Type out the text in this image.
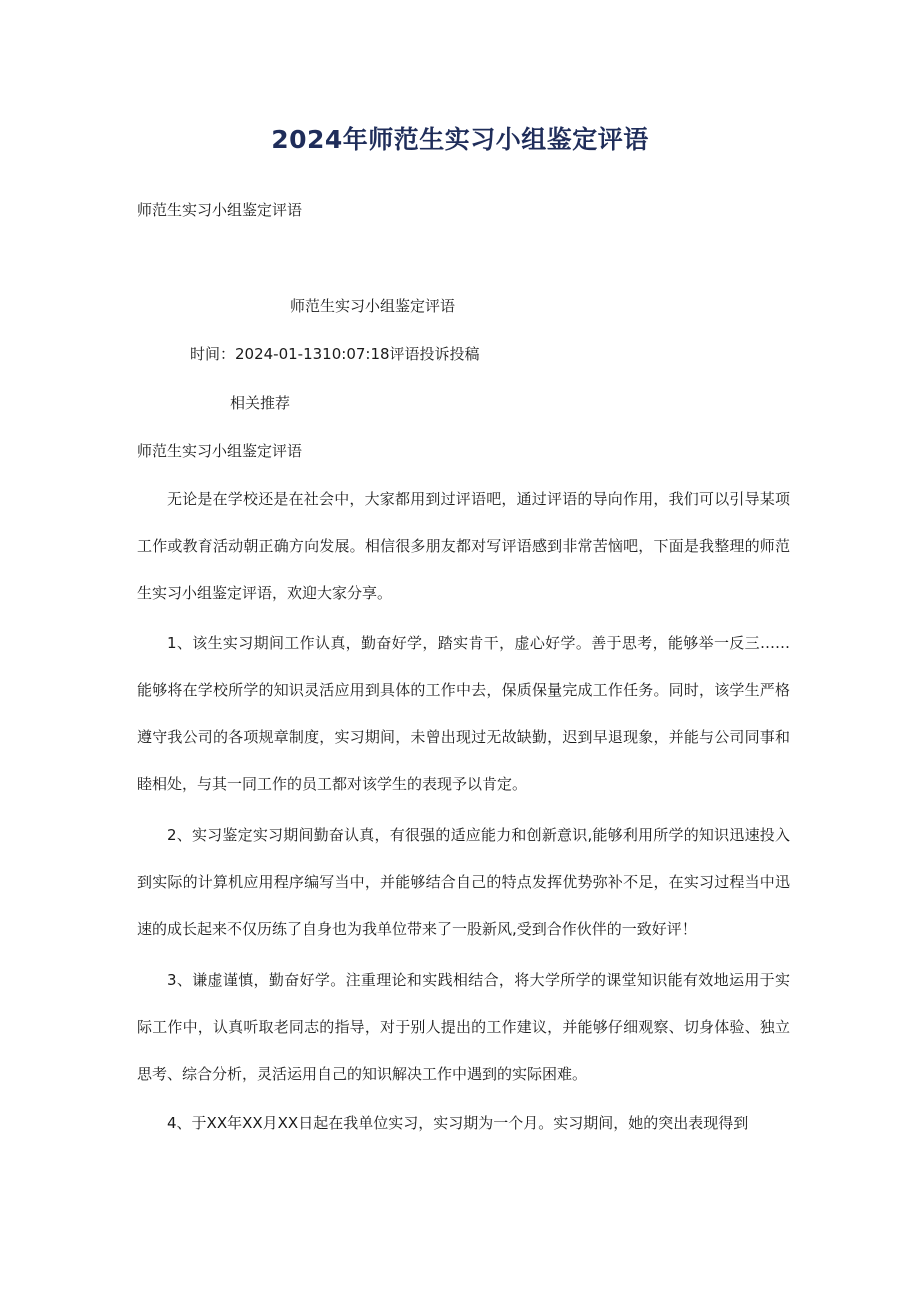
2024年师范生实习小组鉴定评语
师范生实习小组鉴定评语
师范生实习小组鉴定评语
时间：2024-01-1310:07:18评语投诉投稿
相关推荐
师范生实习小组鉴定评语

无论是在学校还是在社会中，大家都用到过评语吧，通过评语的导向作用，我们可以引导某项工作或教育活动朝正确方向发展。相信很多朋友都对写评语感到非常苦恼吧，下面是我整理的师范生实习小组鉴定评语，欢迎大家分享。

1、该生实习期间工作认真，勤奋好学，踏实肯干，虚心好学。善于思考，能够举一反三……能够将在学校所学的知识灵活应用到具体的工作中去，保质保量完成工作任务。同时，该学生严格遵守我公司的各项规章制度，实习期间，未曾出现过无故缺勤，迟到早退现象，并能与公司同事和睦相处，与其一同工作的员工都对该学生的表现予以肯定。

2、实习鉴定实习期间勤奋认真，有很强的适应能力和创新意识,能够利用所学的知识迅速投入到实际的计算机应用程序编写当中，并能够结合自己的特点发挥优势弥补不足，在实习过程当中迅速的成长起来不仅历练了自身也为我单位带来了一股新风,受到合作伙伴的一致好评！

3、谦虚谨慎，勤奋好学。注重理论和实践相结合，将大学所学的课堂知识能有效地运用于实际工作中，认真听取老同志的指导，对于别人提出的工作建议，并能够仔细观察、切身体验、独立思考、综合分析，灵活运用自己的知识解决工作中遇到的实际困难。

4、于XX年XX月XX日起在我单位实习，实习期为一个月。实习期间，她的突出表现得到
